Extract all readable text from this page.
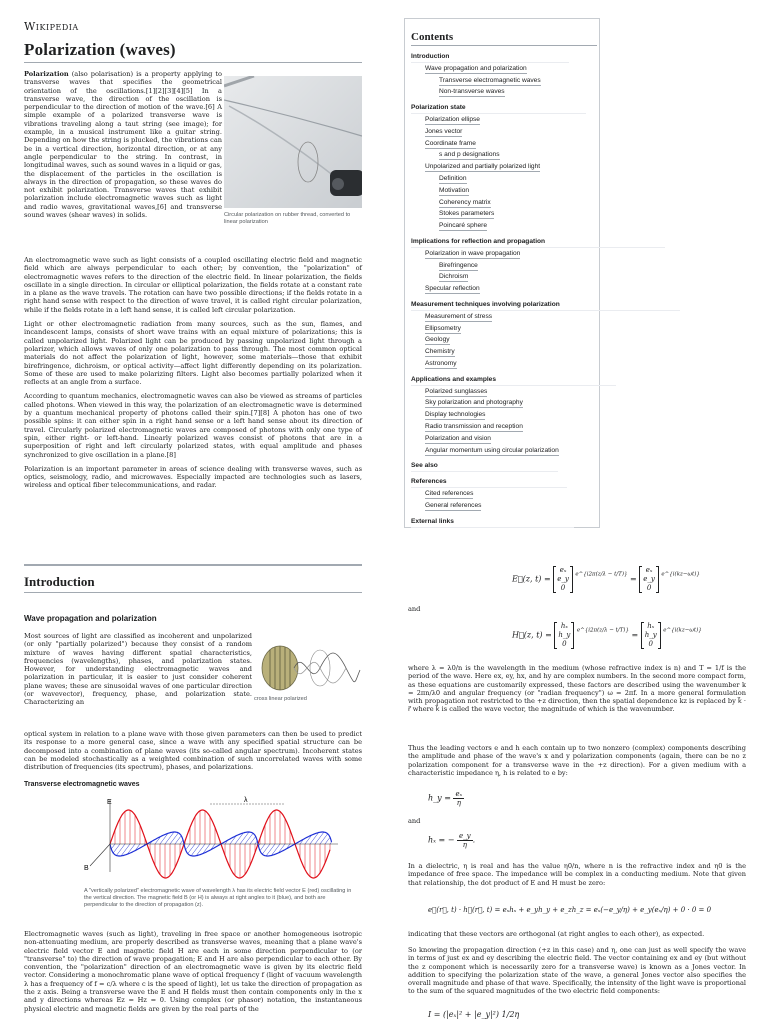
Wikipedia
Polarization (waves)

Polarization (also polarisation) is a property applying to transverse waves that specifies the geometrical orientation of the oscillations.[1][2][3][4][5] In a transverse wave, the direction of the oscillation is perpendicular to the direction of motion of the wave.[6] A simple example of a polarized transverse wave is vibrations traveling along a taut string (see image); for example, in a musical instrument like a guitar string. Depending on how the string is plucked, the vibrations can be in a vertical direction, horizontal direction, or at any angle perpendicular to the string. In contrast, in longitudinal waves, such as sound waves in a liquid or gas, the displacement of the particles in the oscillation is always in the direction of propagation, so these waves do not exhibit polarization. Transverse waves that exhibit polarization include electromagnetic waves such as light and radio waves, gravitational waves,[6] and transverse sound waves (shear waves) in solids.	Circular polarization on rubber thread, converted to linear polarization

An electromagnetic wave such as light consists of a coupled oscillating electric field and magnetic field which are always perpendicular to each other; by convention, the "polarization" of electromagnetic waves refers to the direction of the electric field. In linear polarization, the fields oscillate in a single direction. In circular or elliptical polarization, the fields rotate at a constant rate in a plane as the wave travels. The rotation can have two possible directions; if the fields rotate in a right hand sense with respect to the direction of wave travel, it is called right circular polarization, while if the fields rotate in a left hand sense, it is called left circular polarization.

Light or other electromagnetic radiation from many sources, such as the sun, flames, and incandescent lamps, consists of short wave trains with an equal mixture of polarizations; this is called unpolarized light. Polarized light can be produced by passing unpolarized light through a polarizer, which allows waves of only one polarization to pass through. The most common optical materials do not affect the polarization of light, however, some materials—those that exhibit birefringence, dichroism, or optical activity—affect light differently depending on its polarization. Some of these are used to make polarizing filters. Light also becomes partially polarized when it reflects at an angle from a surface.

According to quantum mechanics, electromagnetic waves can also be viewed as streams of particles called photons. When viewed in this way, the polarization of an electromagnetic wave is determined by a quantum mechanical property of photons called their spin.[7][8] A photon has one of two possible spins: it can either spin in a right hand sense or a left hand sense about its direction of travel. Circularly polarized electromagnetic waves are composed of photons with only one type of spin, either right- or left-hand. Linearly polarized waves consist of photons that are in a superposition of right and left circularly polarized states, with equal amplitude and phases synchronized to give oscillation in a plane.[8]

Polarization is an important parameter in areas of science dealing with transverse waves, such as optics, seismology, radio, and microwaves. Especially impacted are technologies such as lasers, wireless and optical fiber telecommunications, and radar.

Contents
Introduction
Wave propagation and polarization
Transverse electromagnetic waves
Non-transverse waves
Polarization state
Polarization ellipse
Jones vector
Coordinate frame
s and p designations
Unpolarized and partially polarized light
Definition
Motivation
Coherency matrix
Stokes parameters
Poincaré sphere
Implications for reflection and propagation
Polarization in wave propagation
Birefringence
Dichroism
Specular reflection
Measurement techniques involving polarization
Measurement of stress
Ellipsometry
Geology
Chemistry
Astronomy
Applications and examples
Polarized sunglasses
Sky polarization and photography
Display technologies
Radio transmission and reception
Polarization and vision
Angular momentum using circular polarization
See also
References
Cited references
General references
External links
Introduction
Wave propagation and polarization

Most sources of light are classified as incoherent and unpolarized (or only "partially polarized") because they consist of a random mixture of waves having different spatial characteristics, frequencies (wavelengths), phases, and polarization states. However, for understanding electromagnetic waves and polarization in particular, it is easier to just consider coherent plane waves; these are sinusoidal waves of one particular direction (or wavevector), frequency, phase, and polarization state. Characterizing an	cross linear polarized

optical system in relation to a plane wave with those given parameters can then be used to predict its response to a more general case, since a wave with any specified spatial structure can be decomposed into a combination of plane waves (its so-called angular spectrum). Incoherent states can be modeled stochastically as a weighted combination of such uncorrelated waves with some distribution of frequencies (its spectrum), phases, and polarizations.

Transverse electromagnetic waves
E
B
λ
A "vertically polarized" electromagnetic wave of wavelength λ has its electric field vector E (red) oscillating in the vertical direction. The magnetic field B (or H) is always at right angles to it (blue), and both are perpendicular to the direction of propagation (z).

Electromagnetic waves (such as light), traveling in free space or another homogeneous isotropic non-attenuating medium, are properly described as transverse waves, meaning that a plane wave's electric field vector E and magnetic field H are each in some direction perpendicular to (or "transverse" to) the direction of wave propagation; E and H are also perpendicular to each other. By convention, the "polarization" direction of an electromagnetic wave is given by its electric field vector. Considering a monochromatic plane wave of optical frequency f (light of vacuum wavelength λ has a frequency of f = c/λ where c is the speed of light), let us take the direction of propagation as the z axis. Being a transverse wave the E and H fields must then contain components only in the x and y directions whereas Ez = Hz = 0. Using complex (or phasor) notation, the instantaneous physical electric and magnetic fields are given by the real parts of the

E⃗(z, t) = eₓ
e_y
0 $^{e\^{}\{i2\pi(z/\lambda - t/T)\}}$ = eₓ
e_y
0 $^{e\^{}\{i(kz-\omega t)\}}$
and
H⃗(z, t) = hₓ
h_y
0 $^{e\^{}\{i2\pi(z/\lambda - t/T)\}}$ = hₓ
h_y
0 $^{e\^{}\{i(kz-\omega t)\}}$

where λ = λ0/n is the wavelength in the medium (whose refractive index is n) and T = 1/f is the period of the wave. Here ex, ey, hx, and hy are complex numbers. In the second more compact form, as these equations are customarily expressed, these factors are described using the wavenumber k = 2πn/λ0 and angular frequency (or "radian frequency") ω = 2πf. In a more general formulation with propagation not restricted to the +z direction, then the spatial dependence kz is replaced by k⃗ · r⃗ where k⃗ is called the wave vector, the magnitude of which is the wavenumber.

Thus the leading vectors e and h each contain up to two nonzero (complex) components describing the amplitude and phase of the wave's x and y polarization components (again, there can be no z polarization component for a transverse wave in the +z direction). For a given medium with a characteristic impedance η, h is related to e by:

h_y = $\frac{\text{eₓ}}{\eta}$
and
hₓ = − $\frac{e\_y}{\eta}$.

In a dielectric, η is real and has the value η0/n, where n is the refractive index and η0 is the impedance of free space. The impedance will be complex in a conducting medium. Note that given that relationship, the dot product of E and H must be zero:

e⃗(r⃗, t) · h⃗(r⃗, t) = eₓhₓ + e_yh_y + e_zh_z = eₓ(−e_y/η) + e_y(eₓ/η) + 0 · 0 = 0

indicating that these vectors are orthogonal (at right angles to each other), as expected.

So knowing the propagation direction (+z in this case) and η, one can just as well specify the wave in terms of just ex and ey describing the electric field. The vector containing ex and ey (but without the z component which is necessarily zero for a transverse wave) is known as a Jones vector. In addition to specifying the polarization state of the wave, a general Jones vector also specifies the overall magnitude and phase of that wave. Specifically, the intensity of the light wave is proportional to the sum of the squared magnitudes of the two electric field components:

I = (|eₓ|² + |e_y|²) 1/2η
